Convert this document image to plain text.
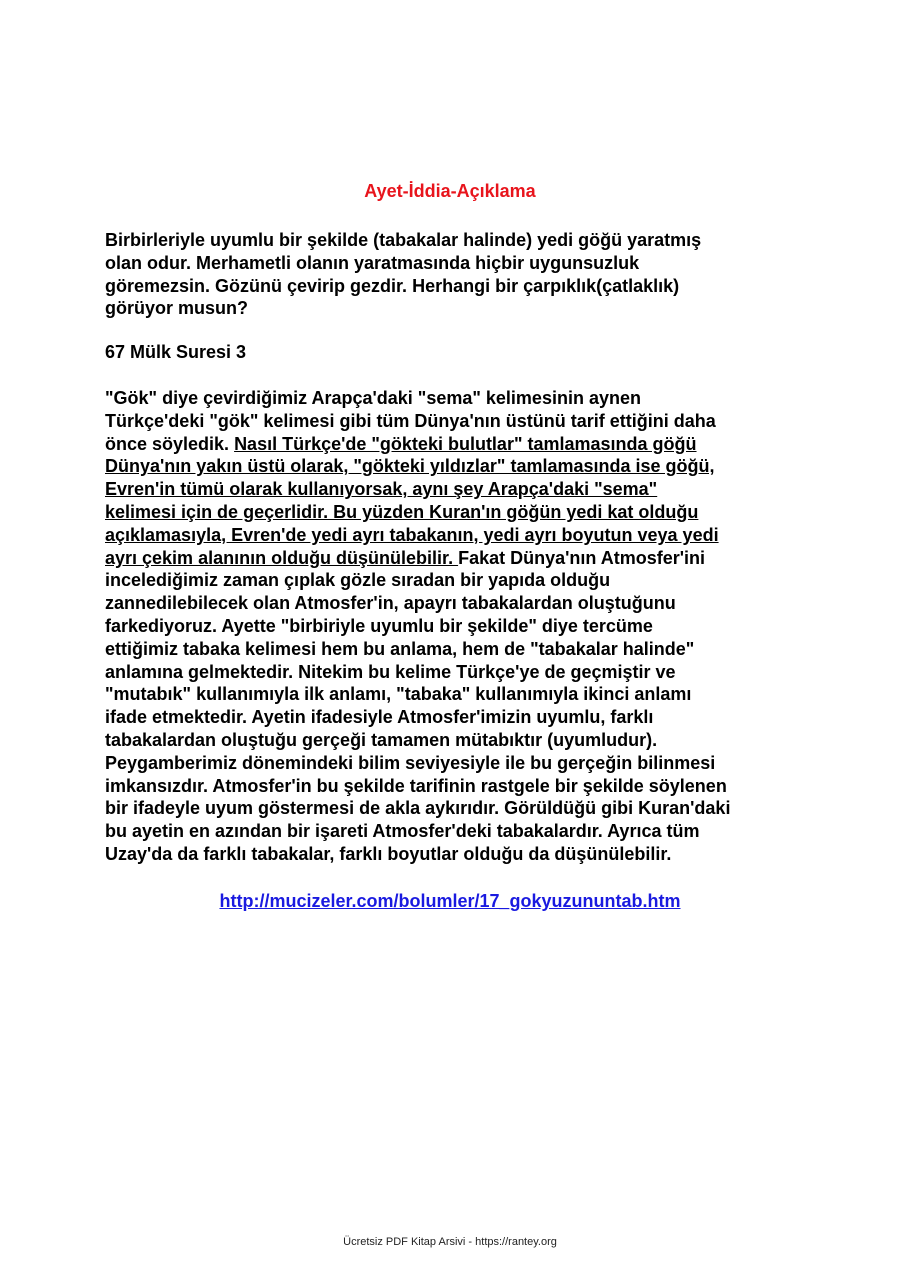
Ayet-İddia-Açıklama
Birbirleriyle uyumlu bir şekilde (tabakalar halinde) yedi göğü yaratmış
olan odur. Merhametli olanın yaratmasında hiçbir uygunsuzluk
göremezsin. Gözünü çevirip gezdir. Herhangi bir çarpıklık(çatlaklık)
görüyor musun?
67 Mülk Suresi 3
"Gök" diye çevirdiğimiz Arapça'daki "sema" kelimesinin aynen
Türkçe'deki "gök" kelimesi gibi tüm Dünya'nın üstünü tarif ettiğini daha
önce söyledik. Nasıl Türkçe'de "gökteki bulutlar" tamlamasında göğü
Dünya'nın yakın üstü olarak, "gökteki yıldızlar" tamlamasında ise göğü,
Evren'in tümü olarak kullanıyorsak, aynı şey Arapça'daki "sema"
kelimesi için de geçerlidir. Bu yüzden Kuran'ın göğün yedi kat olduğu
açıklamasıyla, Evren'de yedi ayrı tabakanın, yedi ayrı boyutun veya yedi
ayrı çekim alanının olduğu düşünülebilir. Fakat Dünya'nın Atmosfer'ini
incelediğimiz zaman çıplak gözle sıradan bir yapıda olduğu
zannedilebilecek olan Atmosfer'in, apayrı tabakalardan oluştuğunu
farkediyoruz. Ayette "birbiriyle uyumlu bir şekilde" diye tercüme
ettiğimiz tabaka kelimesi hem bu anlama, hem de "tabakalar halinde"
anlamına gelmektedir. Nitekim bu kelime Türkçe'ye de geçmiştir ve
"mutabık" kullanımıyla ilk anlamı, "tabaka" kullanımıyla ikinci anlamı
ifade etmektedir. Ayetin ifadesiyle Atmosfer'imizin uyumlu, farklı
tabakalardan oluştuğu gerçeği tamamen mütabıktır (uyumludur).
Peygamberimiz dönemindeki bilim seviyesiyle ile bu gerçeğin bilinmesi
imkansızdır. Atmosfer'in bu şekilde tarifinin rastgele bir şekilde söylenen
bir ifadeyle uyum göstermesi de akla aykırıdır. Görüldüğü gibi Kuran'daki
bu ayetin en azından bir işareti Atmosfer'deki tabakalardır. Ayrıca tüm
Uzay'da da farklı tabakalar, farklı boyutlar olduğu da düşünülebilir.
http://mucizeler.com/bolumler/17_gokyuzununtab.htm
Ücretsiz PDF Kitap Arsivi - https://rantey.org
